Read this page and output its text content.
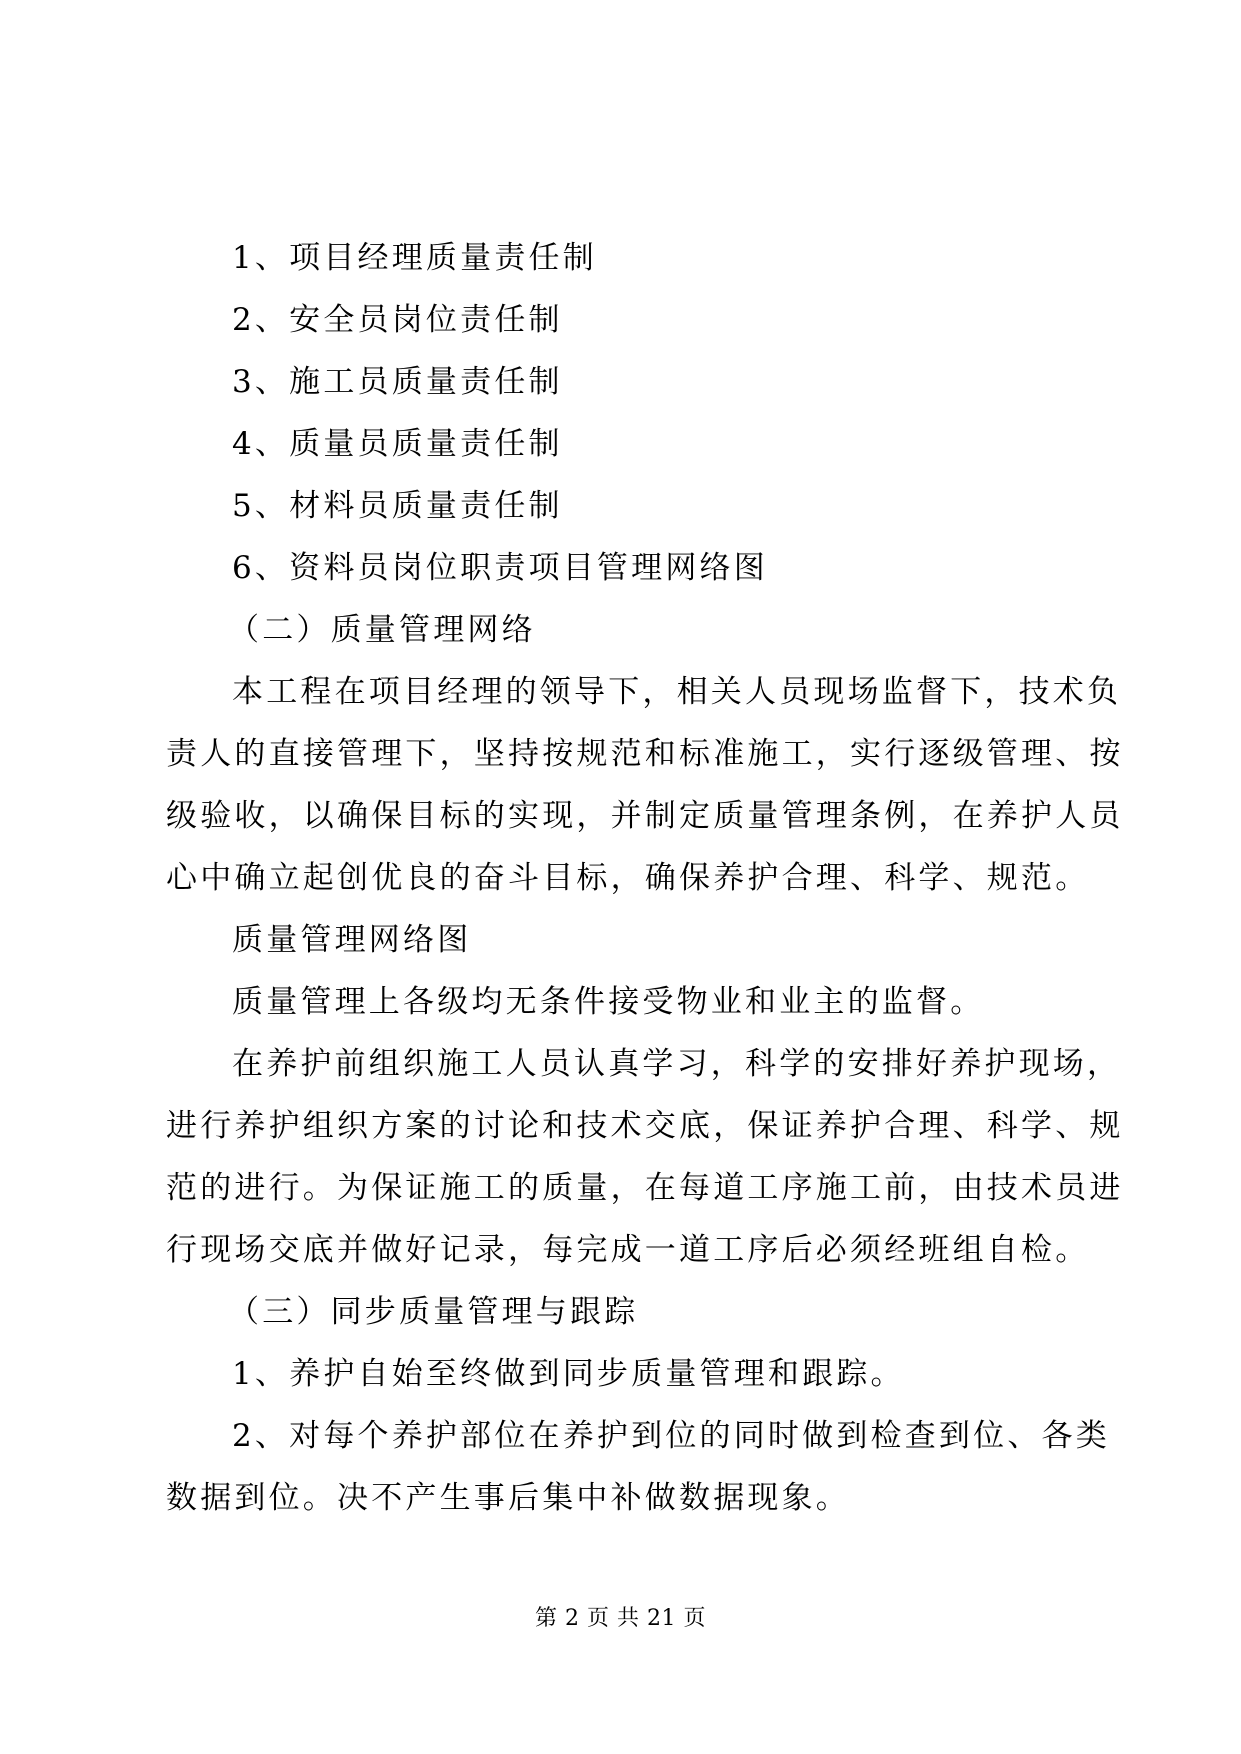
1、项目经理质量责任制
2、安全员岗位责任制
3、施工员质量责任制
4、质量员质量责任制
5、材料员质量责任制
6、资料员岗位职责项目管理网络图
（二）质量管理网络
本工程在项目经理的领导下，相关人员现场监督下，技术负
责人的直接管理下，坚持按规范和标准施工，实行逐级管理、按
级验收，以确保目标的实现，并制定质量管理条例，在养护人员
心中确立起创优良的奋斗目标，确保养护合理、科学、规范。
质量管理网络图
质量管理上各级均无条件接受物业和业主的监督。
在养护前组织施工人员认真学习，科学的安排好养护现场，
进行养护组织方案的讨论和技术交底，保证养护合理、科学、规
范的进行。为保证施工的质量，在每道工序施工前，由技术员进
行现场交底并做好记录，每完成一道工序后必须经班组自检。
（三）同步质量管理与跟踪
1、养护自始至终做到同步质量管理和跟踪。
2、对每个养护部位在养护到位的同时做到检查到位、各类
数据到位。决不产生事后集中补做数据现象。
第 2 页 共 21 页
